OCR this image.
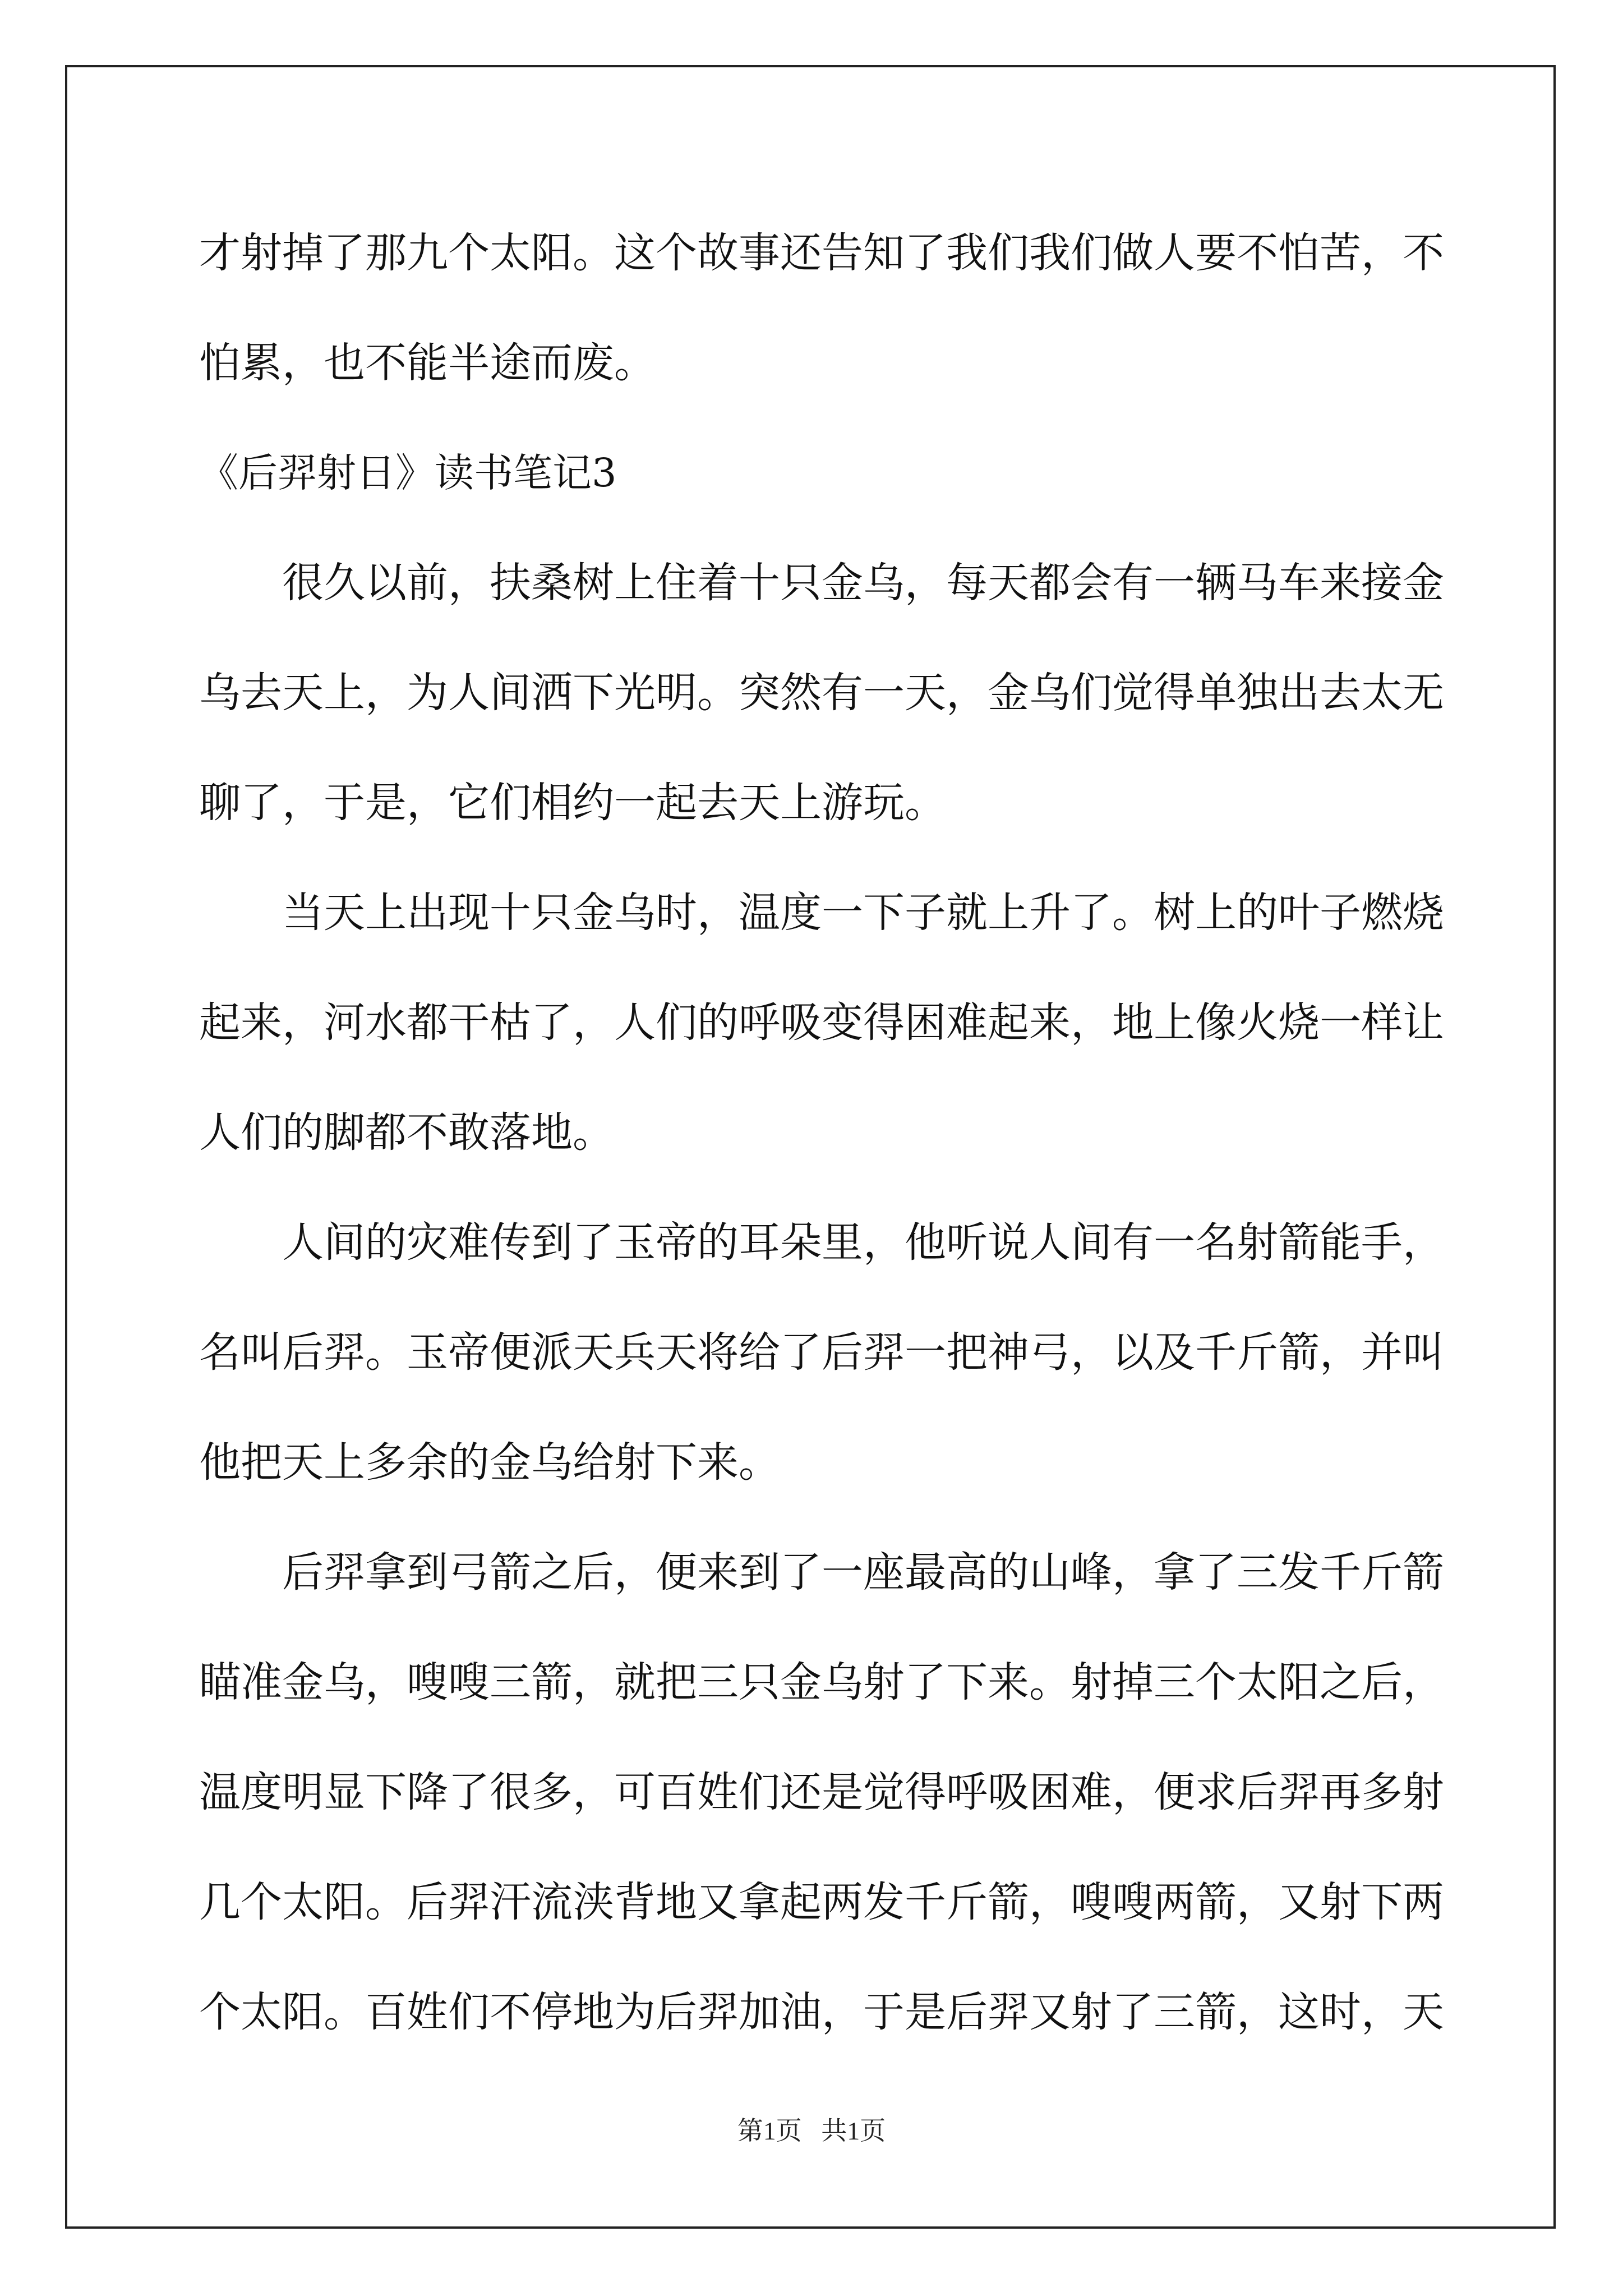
才射掉了那九个太阳。这个故事还告知了我们我们做人要不怕苦，不
怕累，也不能半途而废。
《后羿射日》读书笔记3
很久以前，扶桑树上住着十只金乌，每天都会有一辆马车来接金
乌去天上，为人间洒下光明。突然有一天，金乌们觉得单独出去太无
聊了，于是，它们相约一起去天上游玩。
当天上出现十只金乌时，温度一下子就上升了。树上的叶子燃烧
起来，河水都干枯了，人们的呼吸变得困难起来，地上像火烧一样让
人们的脚都不敢落地。
人间的灾难传到了玉帝的耳朵里，他听说人间有一名射箭能手，
名叫后羿。玉帝便派天兵天将给了后羿一把神弓，以及千斤箭，并叫
他把天上多余的金乌给射下来。
后羿拿到弓箭之后，便来到了一座最高的山峰，拿了三发千斤箭
瞄准金乌，嗖嗖三箭，就把三只金乌射了下来。射掉三个太阳之后，
温度明显下降了很多，可百姓们还是觉得呼吸困难，便求后羿再多射
几个太阳。后羿汗流浃背地又拿起两发千斤箭，嗖嗖两箭，又射下两
个太阳。百姓们不停地为后羿加油，于是后羿又射了三箭，这时，天
第1页   共1页
